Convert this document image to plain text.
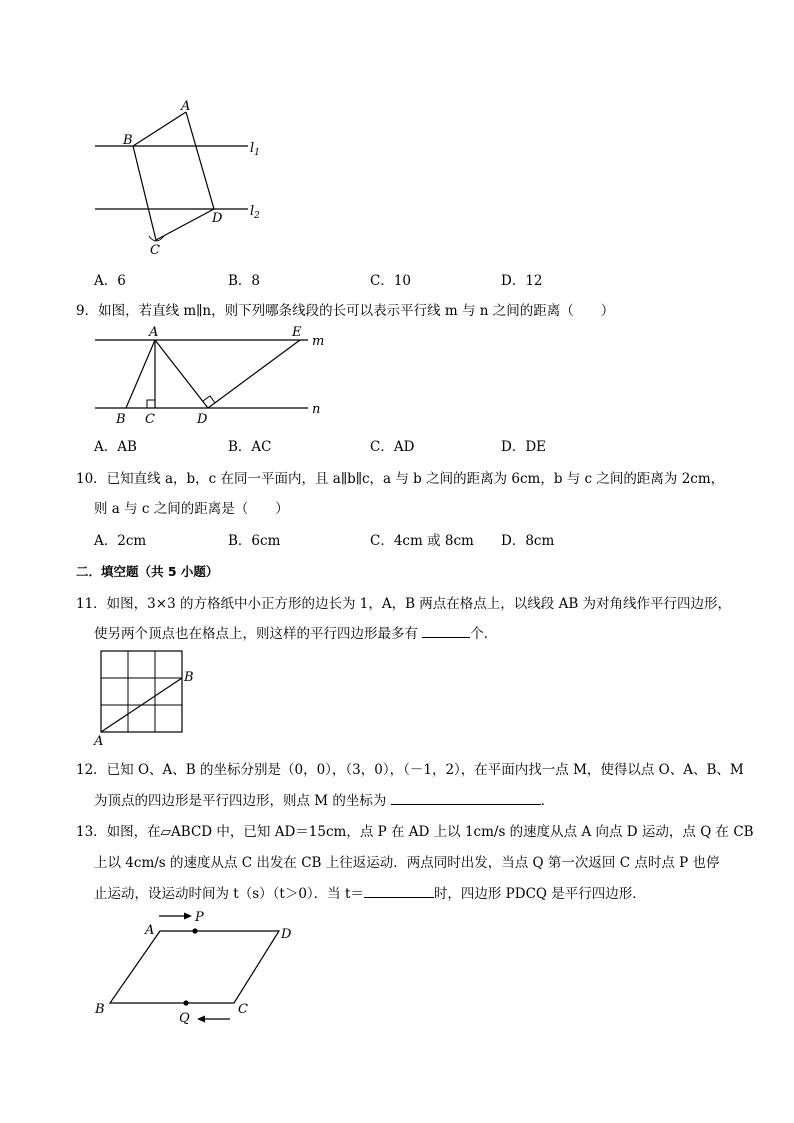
A
B
C
D
$l_1$
$l_2$
A．6	B．8	C．10	D．12
9．如图，若直线 m∥n，则下列哪条线段的长可以表示平行线 m 与 n 之间的距离（　　）
A	E
m
n
B C	D
A．AB	B．AC	C．AD	D．DE
10．已知直线 a，b，c 在同一平面内，且 a∥b∥c，a 与 b 之间的距离为 6cm，b 与 c 之间的距离为 2cm，
则 a 与 c 之间的距离是（　　）
A．2cm	B．6cm	C．4cm 或 8cm D．8cm
二．填空题（共 5 小题）
11．如图，3×3 的方格纸中小正方形的边长为 1，A，B 两点在格点上，以线段 AB 为对角线作平行四边形，
使另两个顶点也在格点上，则这样的平行四边形最多有	个．
A
B
12．已知 O、A、B 的坐标分别是（0，0），（3，0），（－1，2），在平面内找一点 M，使得以点 O、A、B、M
为顶点的四边形是平行四边形，则点 M 的坐标为	．
13．如图，在▱ABCD 中，已知 AD＝15cm，点 P 在 AD 上以 1cm/s 的速度从点 A 向点 D 运动，点 Q 在 CB
上以 4cm/s 的速度从点 C 出发在 CB 上往返运动．两点同时出发，当点 Q 第一次返回 C 点时点 P 也停
止运动，设运动时间为 t（s）（t＞0）．当 t＝	时，四边形 PDCQ 是平行四边形．
A
P
D
B
Q
C
